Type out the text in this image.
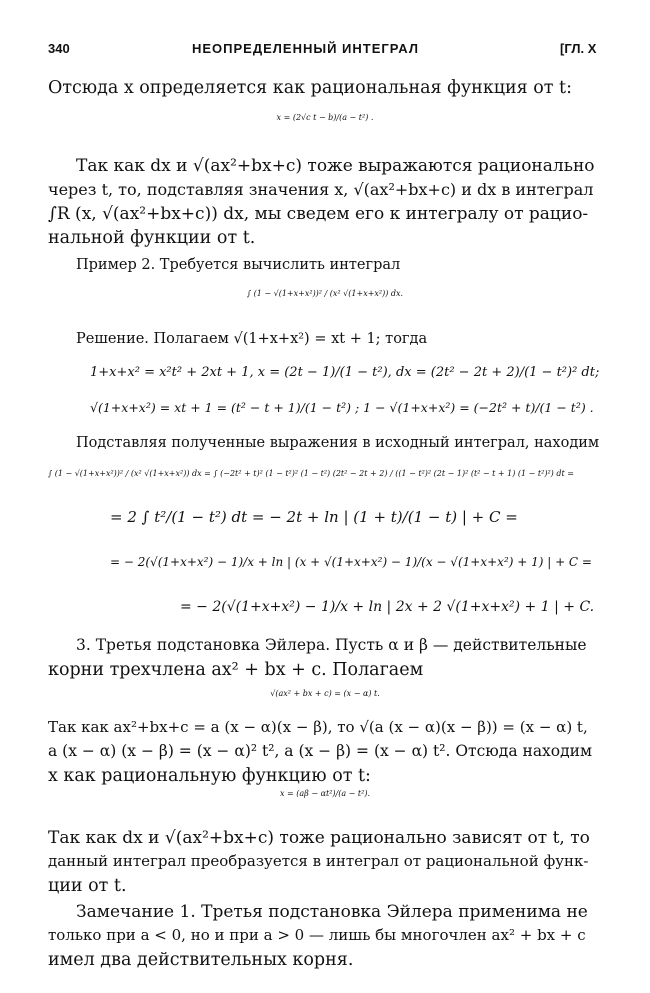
340	НЕОПРЕДЕЛЕННЫЙ ИНТЕГРАЛ	[ГЛ. X
Отсюда x определяется как рациональная функция от t:
x = (2√c t − b)/(a − t²) .
Так как dx и √(ax²+bx+c) тоже выражаются рационально
через t, то, подставляя значения x, √(ax²+bx+c) и dx в интеграл
∫R (x, √(ax²+bx+c)) dx, мы сведем его к интегралу от рацио-
нальной функции от t.
Пример 2. Требуется вычислить интеграл
∫ (1 − √(1+x+x²))² / (x² √(1+x+x²)) dx.
Решение. Полагаем √(1+x+x²) = xt + 1; тогда
1+x+x² = x²t² + 2xt + 1, x = (2t − 1)/(1 − t²), dx = (2t² − 2t + 2)/(1 − t²)² dt;
√(1+x+x²) = xt + 1 = (t² − t + 1)/(1 − t²) ; 1 − √(1+x+x²) = (−2t² + t)/(1 − t²) .
Подставляя полученные выражения в исходный интеграл, находим
∫ (1 − √(1+x+x²))² / (x² √(1+x+x²)) dx = ∫ (−2t² + t)² (1 − t²)² (1 − t²) (2t² − 2t + 2) / ((1 − t²)² (2t − 1)² (t² − t + 1) (1 − t²)²) dt =
= 2 ∫ t²/(1 − t²) dt = − 2t + ln | (1 + t)/(1 − t) | + C =
= − 2(√(1+x+x²) − 1)/x + ln | (x + √(1+x+x²) − 1)/(x − √(1+x+x²) + 1) | + C =
= − 2(√(1+x+x²) − 1)/x + ln | 2x + 2 √(1+x+x²) + 1 | + C.
3. Третья подстановка Эйлера. Пусть α и β — действительные
корни трехчлена ax² + bx + c. Полагаем
√(ax² + bx + c) = (x − α) t.
Так как ax²+bx+c = a (x − α)(x − β), то √(a (x − α)(x − β)) = (x − α) t,
a (x − α) (x − β) = (x − α)² t², a (x − β) = (x − α) t². Отсюда находим
x как рациональную функцию от t:
x = (aβ − αt²)/(a − t²).
Так как dx и √(ax²+bx+c) тоже рационально зависят от t, то
данный интеграл преобразуется в интеграл от рациональной функ-
ции от t.
Замечание 1. Третья подстановка Эйлера применима не
только при a < 0, но и при a > 0 — лишь бы многочлен ax² + bx + c
имел два действительных корня.
